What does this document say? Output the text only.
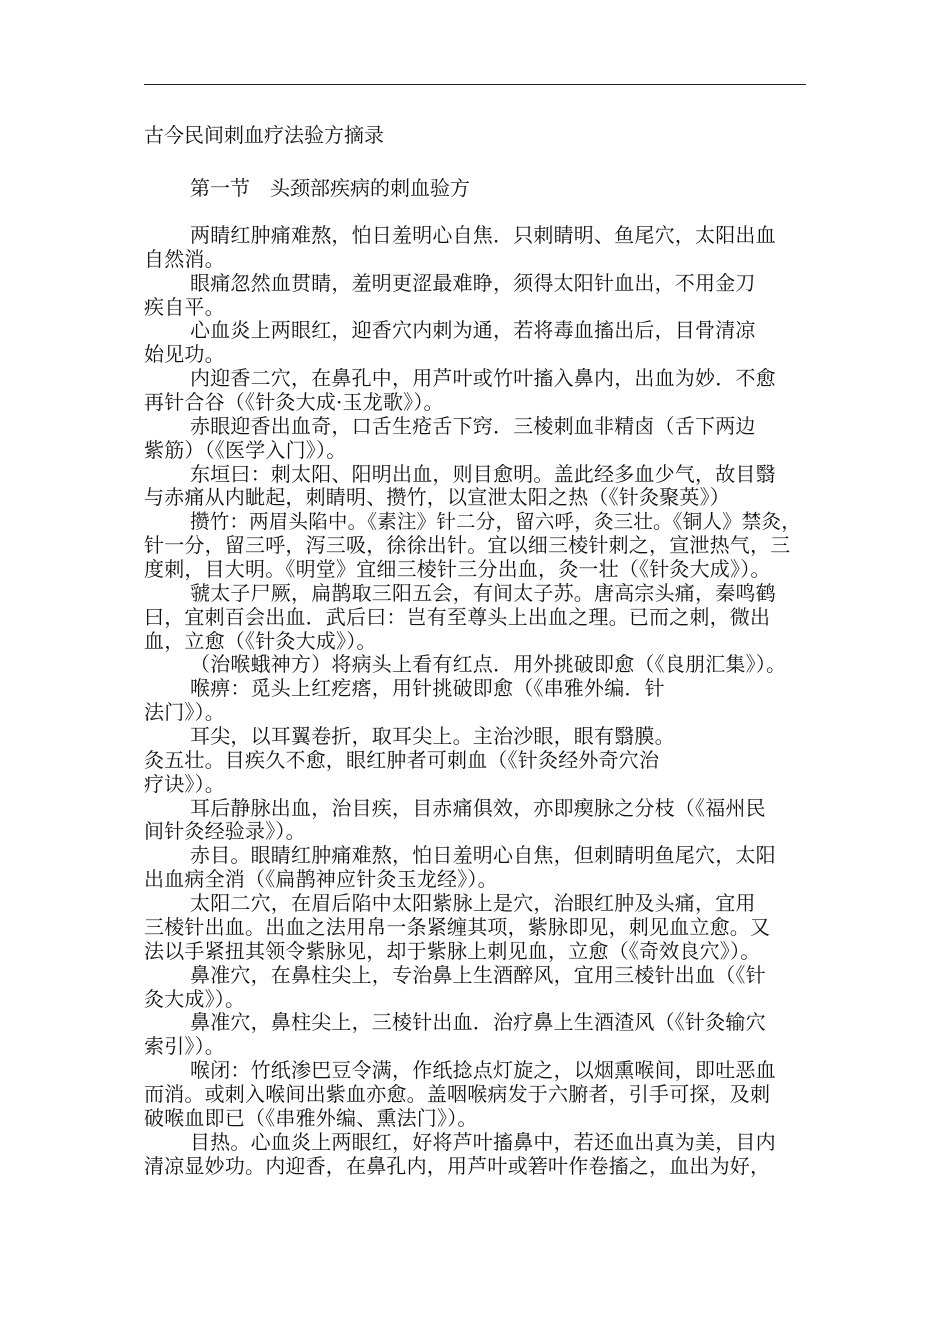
古今民间刺血疗法验方摘录
第一节　头颈部疾病的刺血验方
两睛红肿痛难熬，怕日羞明心自焦．只刺睛明、鱼尾穴，太阳出血
自然消。
眼痛忽然血贯睛，羞明更涩最难睁，须得太阳针血出，不用金刀
疾自平。
心血炎上两眼红，迎香穴内刺为通，若将毒血搐出后，目骨清凉
始见功。
内迎香二穴，在鼻孔中，用芦叶或竹叶搐入鼻内，出血为妙．不愈
再针合谷（《针灸大成·玉龙歌》）。
赤眼迎香出血奇，口舌生疮舌下窍．三棱刺血非精卤（舌下两边
紫筋）（《医学入门》）。
东垣曰：刺太阳、阳明出血，则目愈明。盖此经多血少气，故目翳
与赤痛从内眦起，刺睛明、攒竹，以宣泄太阳之热（《针灸聚英》）
攒竹：两眉头陷中。《素注》针二分，留六呼，灸三壮。《铜人》禁灸，
针一分，留三呼，泻三吸，徐徐出针。宜以细三棱针刺之，宣泄热气，三
度刺，目大明。《明堂》宜细三棱针三分出血，灸一壮（《针灸大成》）。
虢太子尸厥，扁鹊取三阳五会，有间太子苏。唐高宗头痛，秦鸣鹤
曰，宜刺百会出血．武后曰：岂有至尊头上出血之理。已而之刺，微出
血，立愈（《针灸大成》）。
（治喉蛾神方）将病头上看有红点．用外挑破即愈（《良朋汇集》）。
喉痹：觅头上红疙瘩，用针挑破即愈（《串雅外编．针
法门》）。
耳尖，以耳翼卷折，取耳尖上。主治沙眼，眼有翳膜。
灸五壮。目疾久不愈，眼红肿者可刺血（《针灸经外奇穴治
疗诀》）。
耳后静脉出血，治目疾，目赤痛俱效，亦即瘈脉之分枝（《福州民
间针灸经验录》）。
赤目。眼睛红肿痛难熬，怕日羞明心自焦，但刺睛明鱼尾穴，太阳
出血病全消（《扁鹊神应针灸玉龙经》）。
太阳二穴，在眉后陷中太阳紫脉上是穴，治眼红肿及头痛，宜用
三棱针出血。出血之法用帛一条紧缠其项，紫脉即见，刺见血立愈。又
法以手紧扭其领令紫脉见，却于紫脉上刺见血，立愈（《奇效良穴》）。
鼻准穴，在鼻柱尖上，专治鼻上生酒醉风，宜用三棱针出血（《针
灸大成》）。
鼻准穴，鼻柱尖上，三棱针出血．治疗鼻上生酒渣风（《针灸输穴
索引》）。
喉闭：竹纸渗巴豆令满，作纸捻点灯旋之，以烟熏喉间，即吐恶血
而消。或刺入喉间出紫血亦愈。盖咽喉病发于六腑者，引手可探，及刺
破喉血即已（《串雅外编、熏法门》）。
目热。心血炎上两眼红，好将芦叶搐鼻中，若还血出真为美，目内
清凉显妙功。内迎香，在鼻孔内，用芦叶或箬叶作卷搐之，血出为好，
